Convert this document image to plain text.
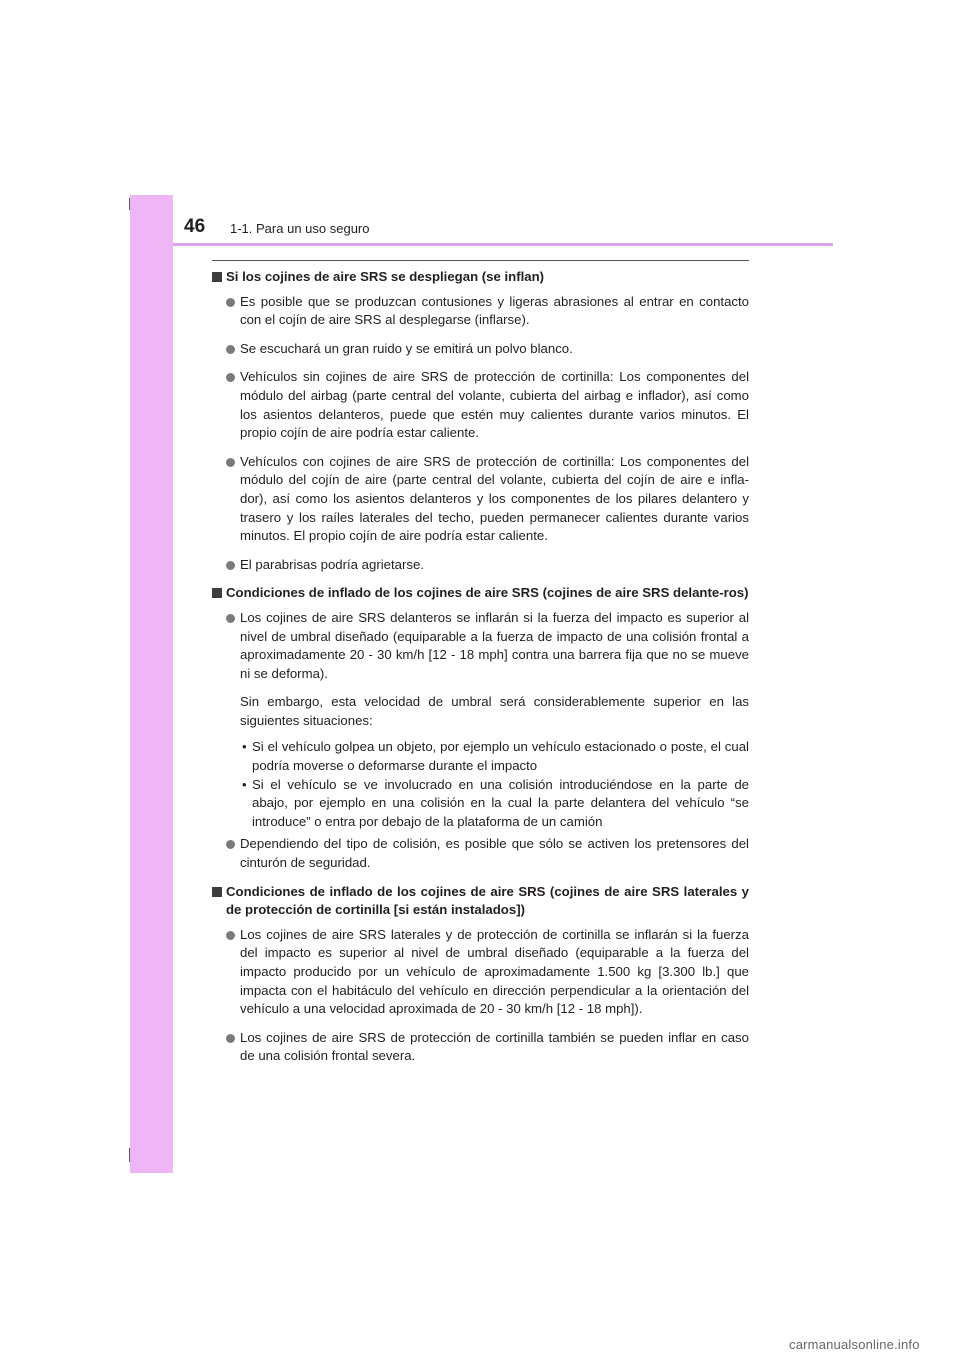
46 1-1. Para un uso seguro
Si los cojines de aire SRS se despliegan (se inflan)
Es posible que se produzcan contusiones y ligeras abrasiones al entrar en contacto con el cojín de aire SRS al desplegarse (inflarse).
Se escuchará un gran ruido y se emitirá un polvo blanco.
Vehículos sin cojines de aire SRS de protección de cortinilla: Los componentes del módulo del airbag (parte central del volante, cubierta del airbag e inflador), así como los asientos delanteros, puede que estén muy calientes durante varios minutos. El propio cojín de aire podría estar caliente.
Vehículos con cojines de aire SRS de protección de cortinilla: Los componentes del módulo del cojín de aire (parte central del volante, cubierta del cojín de aire e infla-dor), así como los asientos delanteros y los componentes de los pilares delantero y trasero y los raíles laterales del techo, pueden permanecer calientes durante varios minutos. El propio cojín de aire podría estar caliente.
El parabrisas podría agrietarse.
Condiciones de inflado de los cojines de aire SRS (cojines de aire SRS delante-ros)
Los cojines de aire SRS delanteros se inflarán si la fuerza del impacto es superior al nivel de umbral diseñado (equiparable a la fuerza de impacto de una colisión frontal a aproximadamente 20 - 30 km/h [12 - 18 mph] contra una barrera fija que no se mueve ni se deforma).
Sin embargo, esta velocidad de umbral será considerablemente superior en las siguientes situaciones:
• Si el vehículo golpea un objeto, por ejemplo un vehículo estacionado o poste, el cual podría moverse o deformarse durante el impacto
• Si el vehículo se ve involucrado en una colisión introduciéndose en la parte de abajo, por ejemplo en una colisión en la cual la parte delantera del vehículo “se introduce” o entra por debajo de la plataforma de un camión
Dependiendo del tipo de colisión, es posible que sólo se activen los pretensores del cinturón de seguridad.
Condiciones de inflado de los cojines de aire SRS (cojines de aire SRS laterales y de protección de cortinilla [si están instalados])
Los cojines de aire SRS laterales y de protección de cortinilla se inflarán si la fuerza del impacto es superior al nivel de umbral diseñado (equiparable a la fuerza del impacto producido por un vehículo de aproximadamente 1.500 kg [3.300 lb.] que impacta con el habitáculo del vehículo en dirección perpendicular a la orientación del vehículo a una velocidad aproximada de 20 - 30 km/h [12 - 18 mph]).
Los cojines de aire SRS de protección de cortinilla también se pueden inflar en caso de una colisión frontal severa.
carmanualsonline.info
